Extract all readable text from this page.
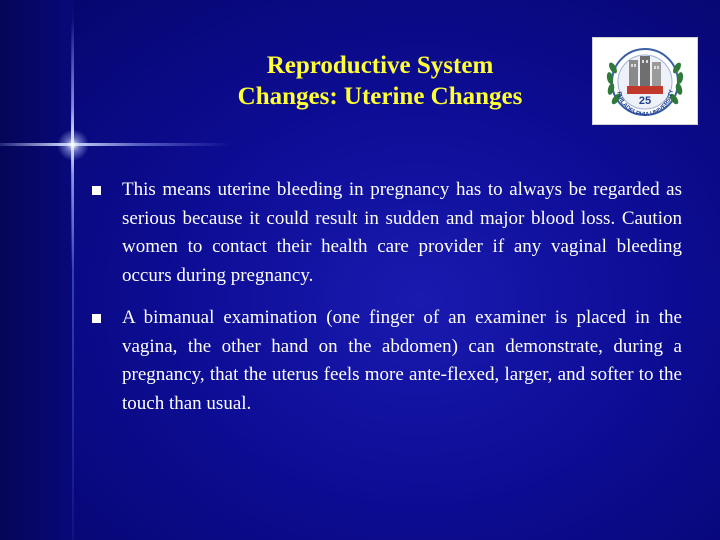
Reproductive System
Changes: Uterine Changes	25
PHILADELPHIA UNIVERSITY
This means uterine bleeding in pregnancy has to always be regarded as serious because it could result in sudden and major blood loss. Caution women to contact their health care provider if any vaginal bleeding occurs during pregnancy.
A bimanual examination (one finger of an examiner is placed in the vagina, the other hand on the abdomen) can demonstrate, during a pregnancy, that the uterus feels more ante-flexed, larger, and softer to the touch than usual.
